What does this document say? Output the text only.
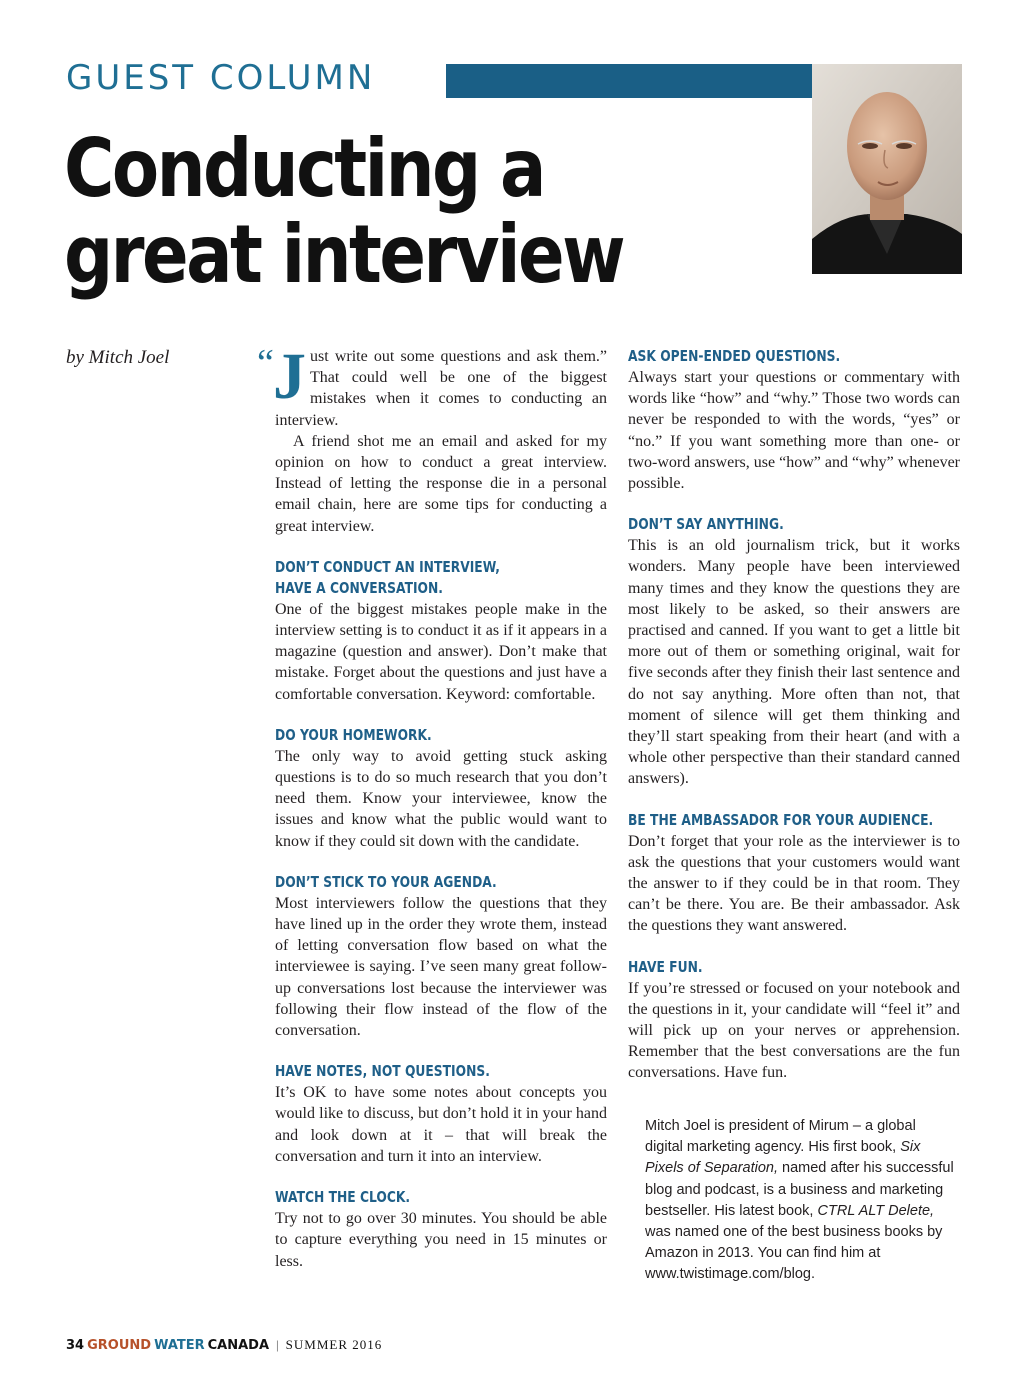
GUEST COLUMN
Conducting a
great interview
by Mitch Joel “ Just write out some questions and ask them.” That could well be one of the biggest mistakes when it comes to conducting an interview.

A friend shot me an email and asked for my opinion on how to conduct a great interview. Instead of letting the response die in a personal email chain, here are some tips for conducting a great interview.

DON’T CONDUCT AN INTERVIEW,
HAVE A CONVERSATION.

One of the biggest mistakes people make in the interview setting is to conduct it as if it appears in a magazine (question and answer). Don’t make that mistake. Forget about the questions and just have a comfortable conversation. Keyword: comfortable.

DO YOUR HOMEWORK.

The only way to avoid getting stuck asking questions is to do so much research that you don’t need them. Know your interviewee, know the issues and know what the public would want to know if they could sit down with the candidate.

DON’T STICK TO YOUR AGENDA.

Most interviewers follow the questions that they have lined up in the order they wrote them, instead of letting conversation flow based on what the interviewee is saying. I’ve seen many great follow-up conversations lost because the interviewer was following their flow instead of the flow of the conversation.

HAVE NOTES, NOT QUESTIONS.

It’s OK to have some notes about concepts you would like to discuss, but don’t hold it in your hand and look down at it – that will break the conversation and turn it into an interview.

WATCH THE CLOCK.

Try not to go over 30 minutes. You should be able to capture everything you need in 15 minutes or less.

ASK OPEN-ENDED QUESTIONS.

Always start your questions or commentary with words like “how” and “why.” Those two words can never be responded to with the words, “yes” or “no.” If you want something more than one- or two-word answers, use “how” and “why” whenever possible.

DON’T SAY ANYTHING.

This is an old journalism trick, but it works wonders. Many people have been interviewed many times and they know the questions they are most likely to be asked, so their answers are practised and canned. If you want to get a little bit more out of them or something original, wait for five seconds after they finish their last sentence and do not say anything. More often than not, that moment of silence will get them thinking and they’ll start speaking from their heart (and with a whole other perspective than their standard canned answers).

BE THE AMBASSADOR FOR YOUR AUDIENCE.

Don’t forget that your role as the interviewer is to ask the questions that your customers would want the answer to if they could be in that room. They can’t be there. You are. Be their ambassador. Ask the questions they want answered.

HAVE FUN.

If you’re stressed or focused on your notebook and the questions in it, your candidate will “feel it” and will pick up on your nerves or apprehension. Remember that the best conversations are the fun conversations. Have fun.

Mitch Joel is president of Mirum – a global digital marketing agency. His first book, Six Pixels of Separation, named after his successful blog and podcast, is a business and marketing bestseller. His latest book, CTRL ALT Delete, was named one of the best business books by Amazon in 2013. You can find him at www.twistimage.com/blog.
34 GROUND WATER CANADA | SUMMER 2016
